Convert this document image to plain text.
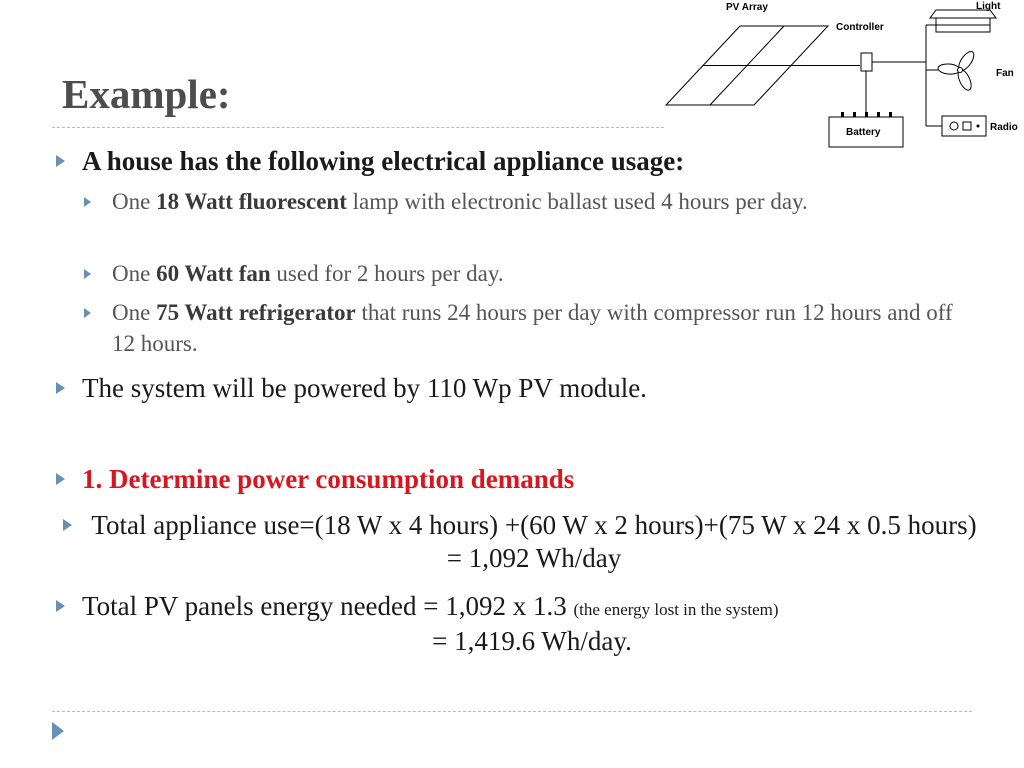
Example:
PV Array
Controller
Battery
Light
Fan
Radio

A house has the following electrical appliance usage:

One 18 Watt fluorescent lamp with electronic ballast used 4 hours per day.

One 60 Watt fan used for 2 hours per day.

One 75 Watt refrigerator that runs 24 hours per day with compressor run 12 hours and off 12 hours.

The system will be powered by 110 Wp PV module.

1. Determine power consumption demands

Total appliance use=(18 W x 4 hours) +(60 W x 2 hours)+(75 W x 24 x 0.5 hours) = 1,092 Wh/day

Total PV panels energy needed = 1,092 x 1.3 (the energy lost in the system)

= 1,419.6 Wh/day.
